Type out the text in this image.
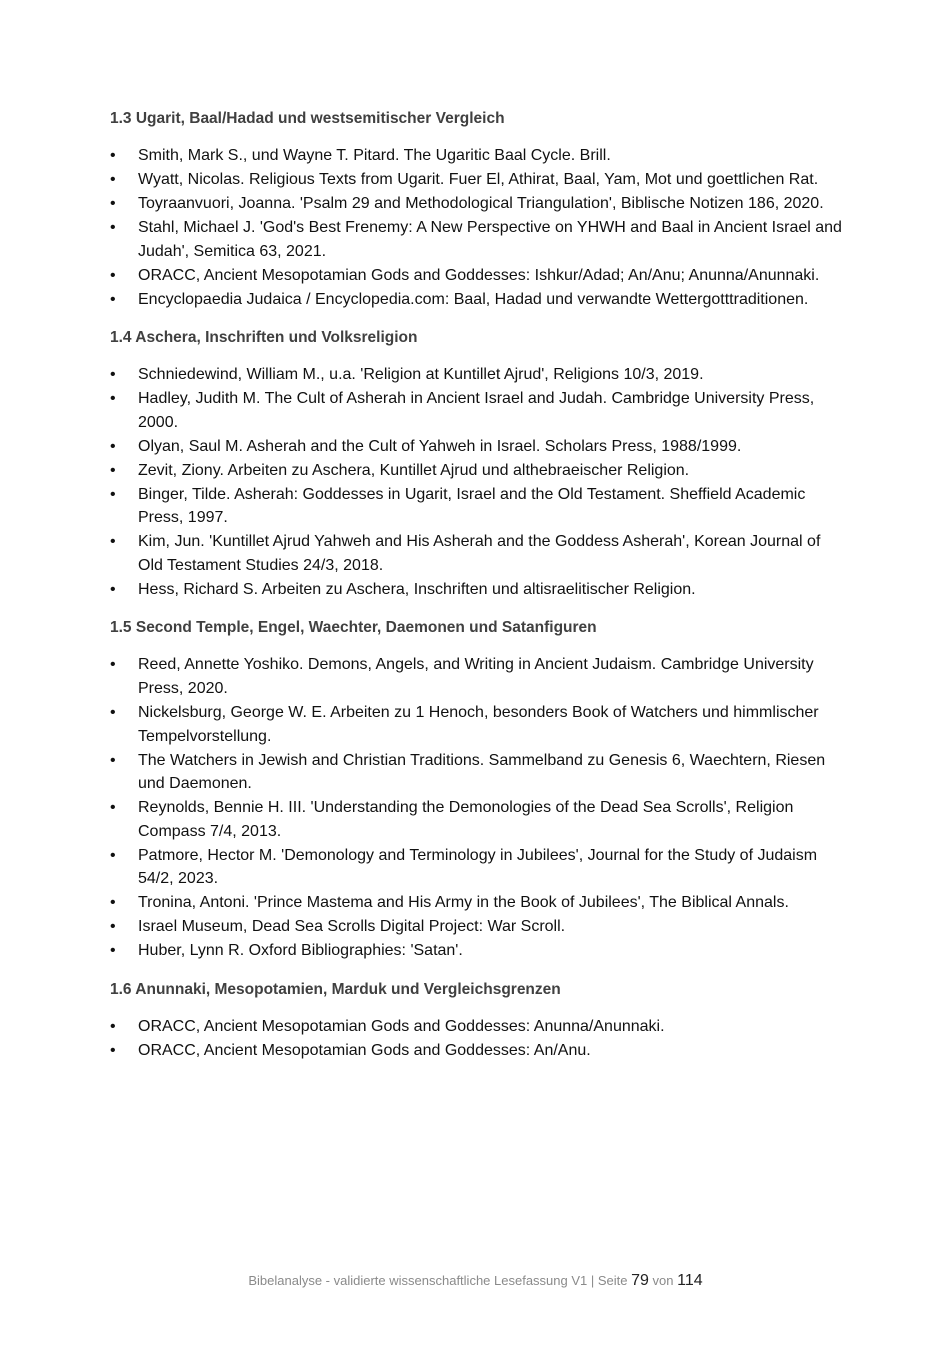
1.3 Ugarit, Baal/Hadad und westsemitischer Vergleich
• Smith, Mark S., und Wayne T. Pitard. The Ugaritic Baal Cycle. Brill.
• Wyatt, Nicolas. Religious Texts from Ugarit. Fuer El, Athirat, Baal, Yam, Mot und goettlichen Rat.
• Toyraanvuori, Joanna. 'Psalm 29 and Methodological Triangulation', Biblische Notizen 186, 2020.
• Stahl, Michael J. 'God's Best Frenemy: A New Perspective on YHWH and Baal in Ancient Israel and Judah', Semitica 63, 2021.
• ORACC, Ancient Mesopotamian Gods and Goddesses: Ishkur/Adad; An/Anu; Anunna/Anunnaki.
• Encyclopaedia Judaica / Encyclopedia.com: Baal, Hadad und verwandte Wettergotttraditionen.
1.4 Aschera, Inschriften und Volksreligion
• Schniedewind, William M., u.a. 'Religion at Kuntillet Ajrud', Religions 10/3, 2019.
• Hadley, Judith M. The Cult of Asherah in Ancient Israel and Judah. Cambridge University Press, 2000.
• Olyan, Saul M. Asherah and the Cult of Yahweh in Israel. Scholars Press, 1988/1999.
• Zevit, Ziony. Arbeiten zu Aschera, Kuntillet Ajrud und althebraeischer Religion.
• Binger, Tilde. Asherah: Goddesses in Ugarit, Israel and the Old Testament. Sheffield Academic Press, 1997.
• Kim, Jun. 'Kuntillet Ajrud Yahweh and His Asherah and the Goddess Asherah', Korean Journal of Old Testament Studies 24/3, 2018.
• Hess, Richard S. Arbeiten zu Aschera, Inschriften und altisraelitischer Religion.
1.5 Second Temple, Engel, Waechter, Daemonen und Satanfiguren
• Reed, Annette Yoshiko. Demons, Angels, and Writing in Ancient Judaism. Cambridge University Press, 2020.
• Nickelsburg, George W. E. Arbeiten zu 1 Henoch, besonders Book of Watchers und himmlischer Tempelvorstellung.
• The Watchers in Jewish and Christian Traditions. Sammelband zu Genesis 6, Waechtern, Riesen und Daemonen.
• Reynolds, Bennie H. III. 'Understanding the Demonologies of the Dead Sea Scrolls', Religion Compass 7/4, 2013.
• Patmore, Hector M. 'Demonology and Terminology in Jubilees', Journal for the Study of Judaism 54/2, 2023.
• Tronina, Antoni. 'Prince Mastema and His Army in the Book of Jubilees', The Biblical Annals.
• Israel Museum, Dead Sea Scrolls Digital Project: War Scroll.
• Huber, Lynn R. Oxford Bibliographies: 'Satan'.
1.6 Anunnaki, Mesopotamien, Marduk und Vergleichsgrenzen
• ORACC, Ancient Mesopotamian Gods and Goddesses: Anunna/Anunnaki.
• ORACC, Ancient Mesopotamian Gods and Goddesses: An/Anu.
Bibelanalyse - validierte wissenschaftliche Lesefassung V1 | Seite 79 von 114
